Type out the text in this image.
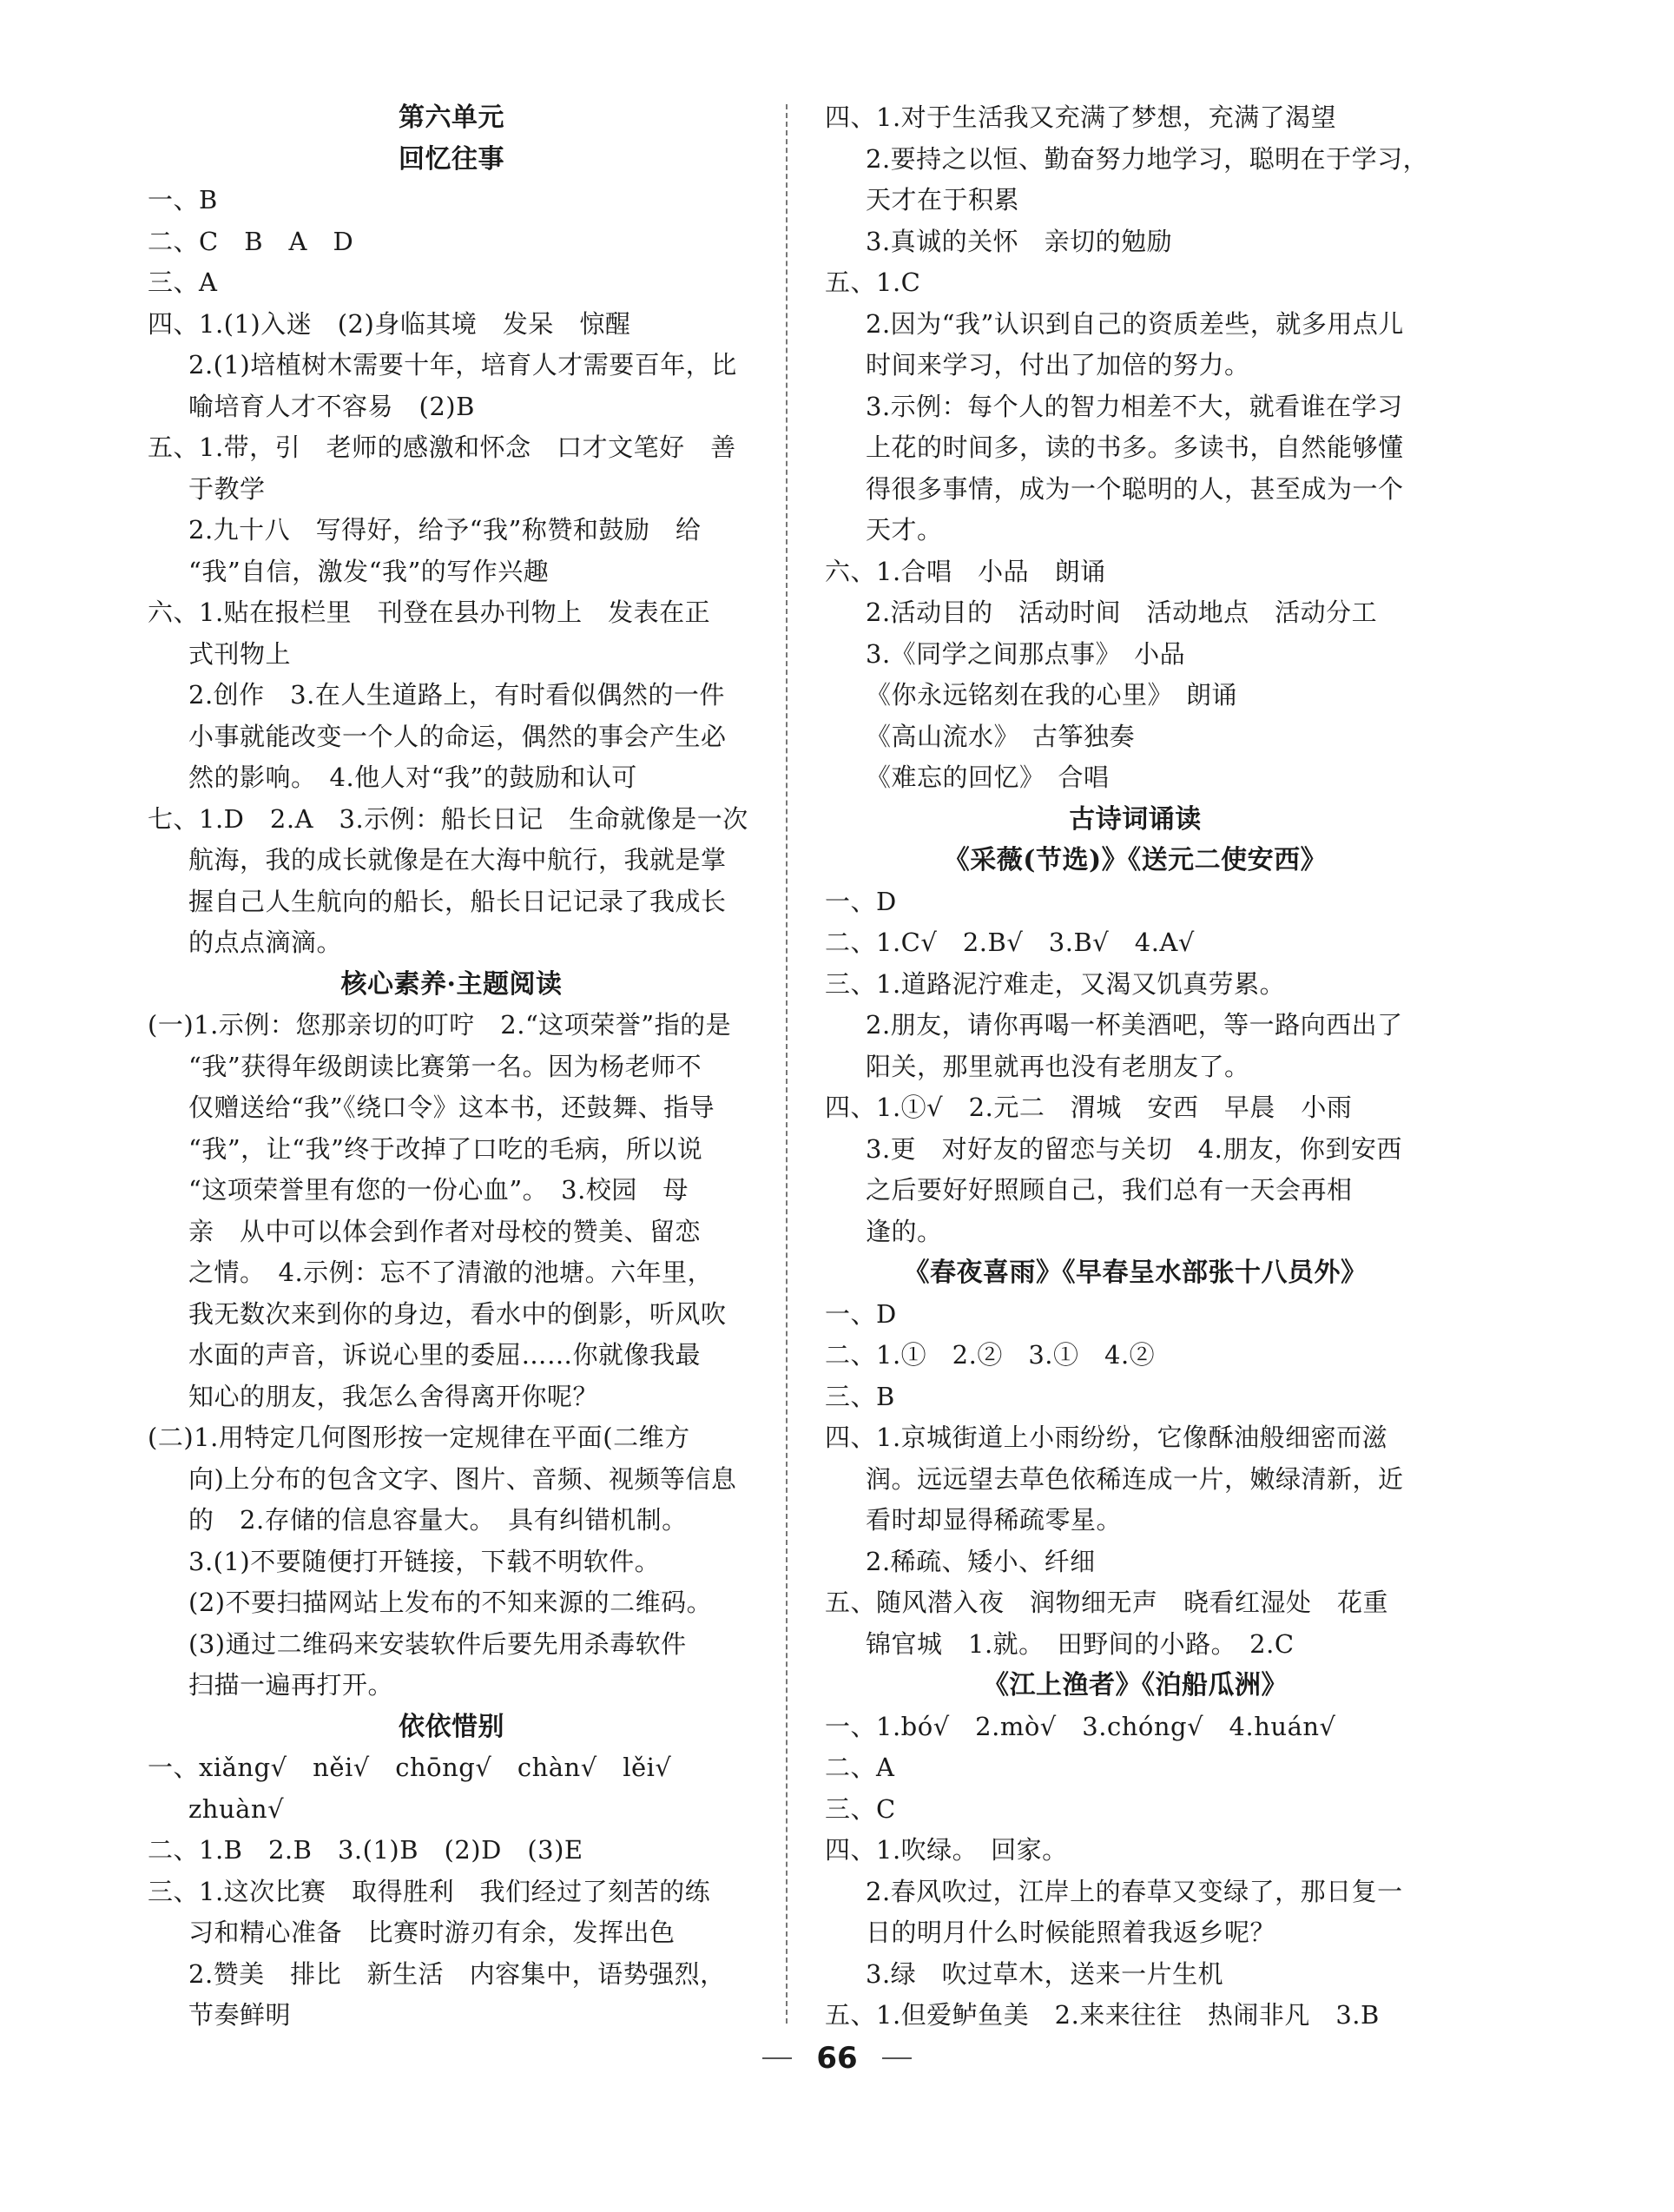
第六单元
回忆往事
一、B
二、C　B　A　D
三、A
四、1.(1)入迷　(2)身临其境　发呆　惊醒
2.(1)培植树木需要十年，培育人才需要百年，比
喻培育人才不容易　(2)B
五、1.带，引　老师的感激和怀念　口才文笔好　善
于教学
2.九十八　写得好，给予“我”称赞和鼓励　给
“我”自信，激发“我”的写作兴趣
六、1.贴在报栏里　刊登在县办刊物上　发表在正
式刊物上
2.创作　3.在人生道路上，有时看似偶然的一件
小事就能改变一个人的命运，偶然的事会产生必
然的影响。　4.他人对“我”的鼓励和认可
七、1.D　2.A　3.示例：船长日记　生命就像是一次
航海，我的成长就像是在大海中航行，我就是掌
握自己人生航向的船长，船长日记记录了我成长
的点点滴滴。
核心素养·主题阅读
(一)1.示例：您那亲切的叮咛　2.“这项荣誉”指的是
“我”获得年级朗读比赛第一名。因为杨老师不
仅赠送给“我”《绕口令》这本书，还鼓舞、指导
“我”，让“我”终于改掉了口吃的毛病，所以说
“这项荣誉里有您的一份心血”。　3.校园　母
亲　从中可以体会到作者对母校的赞美、留恋
之情。　4.示例：忘不了清澈的池塘。六年里，
我无数次来到你的身边，看水中的倒影，听风吹
水面的声音，诉说心里的委屈……你就像我最
知心的朋友，我怎么舍得离开你呢？
(二)1.用特定几何图形按一定规律在平面(二维方
向)上分布的包含文字、图片、音频、视频等信息
的　2.存储的信息容量大。　具有纠错机制。
3.(1)不要随便打开链接，下载不明软件。
(2)不要扫描网站上发布的不知来源的二维码。
(3)通过二维码来安装软件后要先用杀毒软件
扫描一遍再打开。
依依惜别
一、xiǎng√　něi√　chōng√　chàn√　lěi√
zhuàn√
二、1.B　2.B　3.(1)B　(2)D　(3)E
三、1.这次比赛　取得胜利　我们经过了刻苦的练
习和精心准备　比赛时游刃有余，发挥出色
2.赞美　排比　新生活　内容集中，语势强烈，
节奏鲜明
四、1.对于生活我又充满了梦想，充满了渴望
2.要持之以恒、勤奋努力地学习，聪明在于学习，
天才在于积累
3.真诚的关怀　亲切的勉励
五、1.C
2.因为“我”认识到自己的资质差些，就多用点儿
时间来学习，付出了加倍的努力。
3.示例：每个人的智力相差不大，就看谁在学习
上花的时间多，读的书多。多读书，自然能够懂
得很多事情，成为一个聪明的人，甚至成为一个
天才。
六、1.合唱　小品　朗诵
2.活动目的　活动时间　活动地点　活动分工
3.《同学之间那点事》　小品
《你永远铭刻在我的心里》　朗诵
《高山流水》　古筝独奏
《难忘的回忆》　合唱
古诗词诵读
《采薇(节选)》《送元二使安西》
一、D
二、1.C√　2.B√　3.B√　4.A√
三、1.道路泥泞难走，又渴又饥真劳累。
2.朋友，请你再喝一杯美酒吧，等一路向西出了
阳关，那里就再也没有老朋友了。
四、1.①√　2.元二　渭城　安西　早晨　小雨
3.更　对好友的留恋与关切　4.朋友，你到安西
之后要好好照顾自己，我们总有一天会再相
逢的。
《春夜喜雨》《早春呈水部张十八员外》
一、D
二、1.①　2.②　3.①　4.②
三、B
四、1.京城街道上小雨纷纷，它像酥油般细密而滋
润。远远望去草色依稀连成一片，嫩绿清新，近
看时却显得稀疏零星。
2.稀疏、矮小、纤细
五、随风潜入夜　润物细无声　晓看红湿处　花重
锦官城　1.就。　田野间的小路。　2.C
《江上渔者》《泊船瓜洲》
一、1.bó√　2.mò√　3.chóng√　4.huán√
二、A
三、C
四、1.吹绿。　回家。
2.春风吹过，江岸上的春草又变绿了，那日复一
日的明月什么时候能照着我返乡呢？
3.绿　吹过草木，送来一片生机
五、1.但爱鲈鱼美　2.来来往往　热闹非凡　3.B
66
